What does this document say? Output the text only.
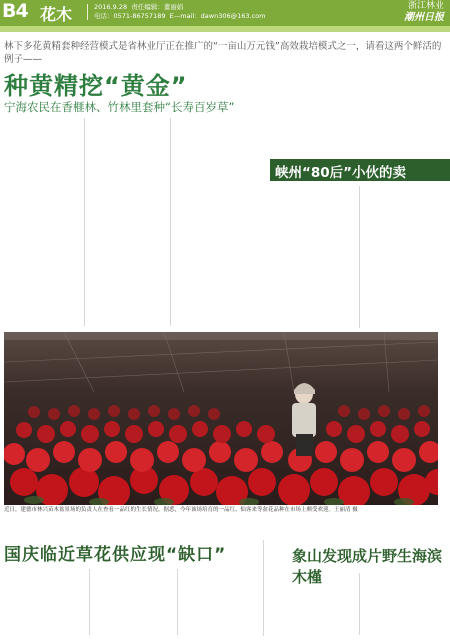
B4 花木	2016.9.28 责任编辑：董丽娟
电话：0571-86757189 E—mail：dawn306@163.com
浙江林业
潮州日报
林下多花黄精套种经营模式是省林业厅正在推广的“一亩山万元钱”高效栽培模式之一，请看这两个鲜活的例子——
种黄精挖“黄金”
宁海农民在香榧林、竹林里套种“长寿百岁草”
峡州“80后”小伙的卖菌“经”
近日，建德市林兴苗木盆景场的负责人在查看一品红的生长情况。据悉，今年该场培育的一品红、仙客来等盆花品种在市场上颇受欢迎。王丽清 摄
国庆临近草花供应现“缺口”	象山发现成片野生海滨木槿
